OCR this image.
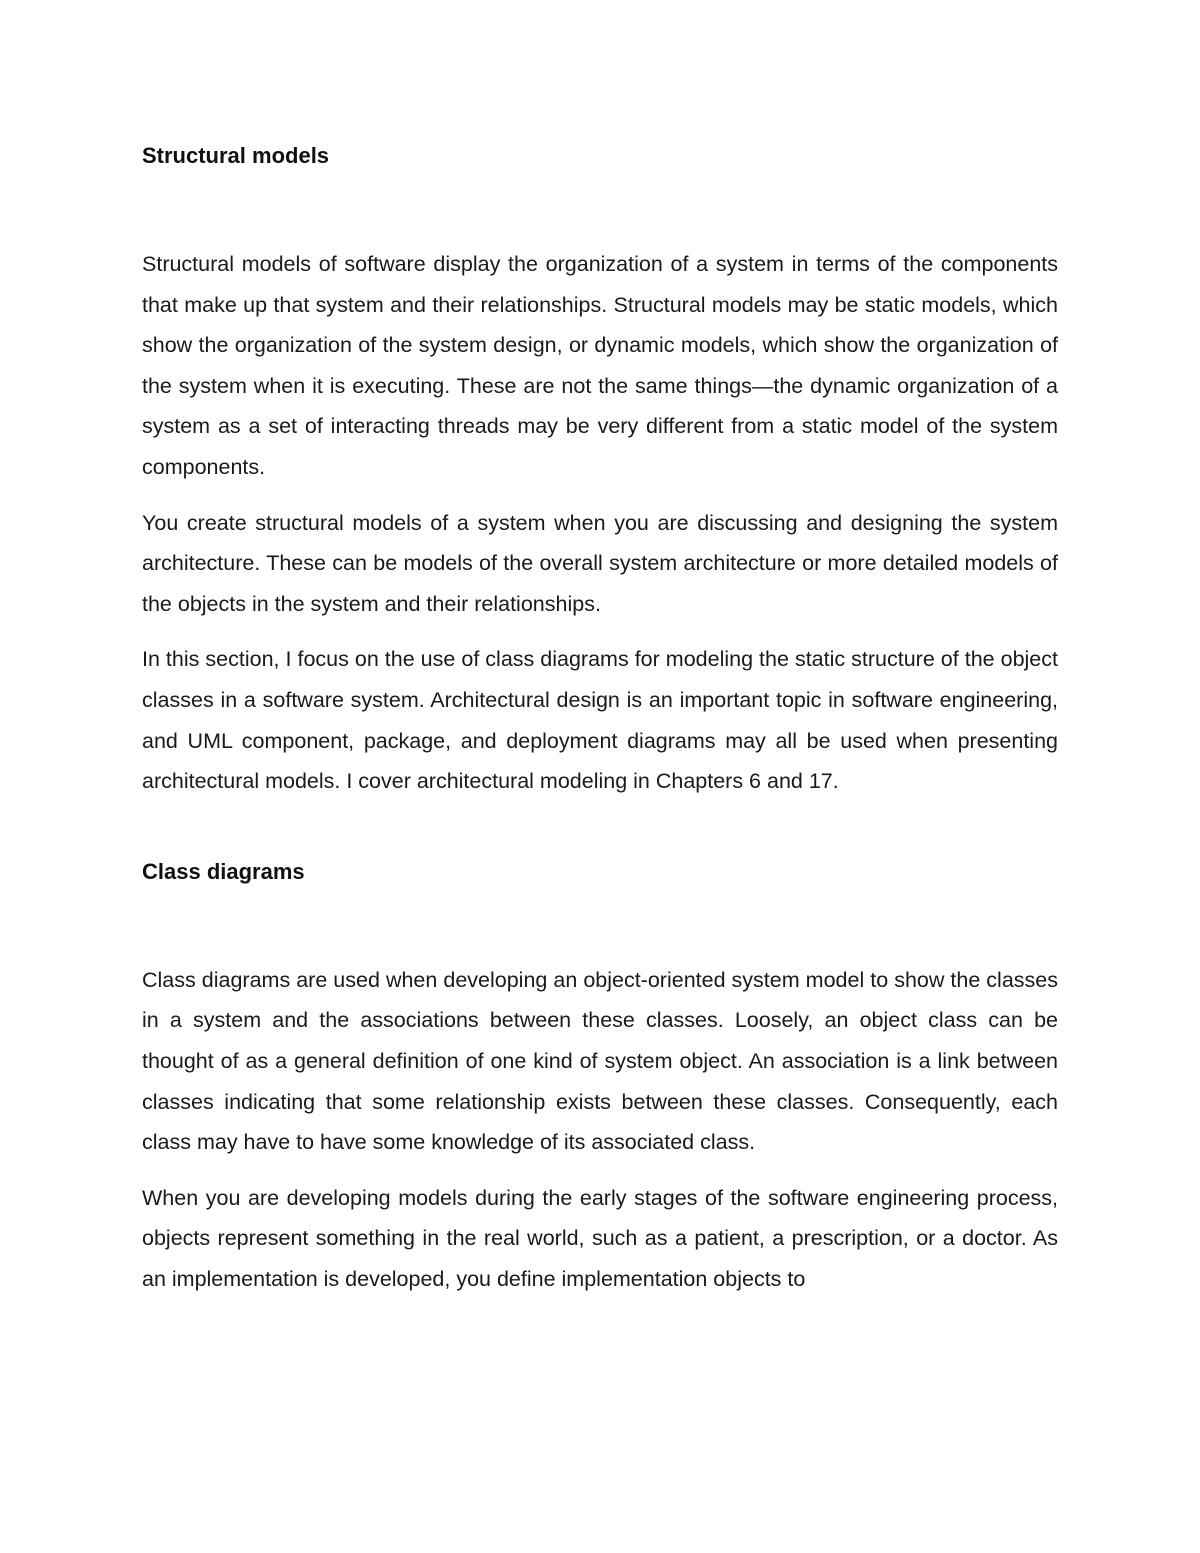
Structural models

Structural models of software display the organization of a system in terms of the components that make up that system and their relationships. Structural models may be static models, which show the organization of the system design, or dynamic models, which show the organization of the system when it is executing. These are not the same things—the dynamic organization of a system as a set of interacting threads may be very different from a static model of the system components.

You create structural models of a system when you are discussing and designing the system architecture. These can be models of the overall system architecture or more detailed models of the objects in the system and their relationships.

In this section, I focus on the use of class diagrams for modeling the static structure of the object classes in a software system. Architectural design is an important topic in software engineering, and UML component, package, and deployment diagrams may all be used when presenting architectural models. I cover architectural modeling in Chapters 6 and 17.

Class diagrams

Class diagrams are used when developing an object-oriented system model to show the classes in a system and the associations between these classes. Loosely, an object class can be thought of as a general definition of one kind of system object. An association is a link between classes indicating that some relationship exists between these classes. Consequently, each class may have to have some knowledge of its associated class.

When you are developing models during the early stages of the software engineering process, objects represent something in the real world, such as a patient, a prescription, or a doctor. As an implementation is developed, you define implementation objects to
